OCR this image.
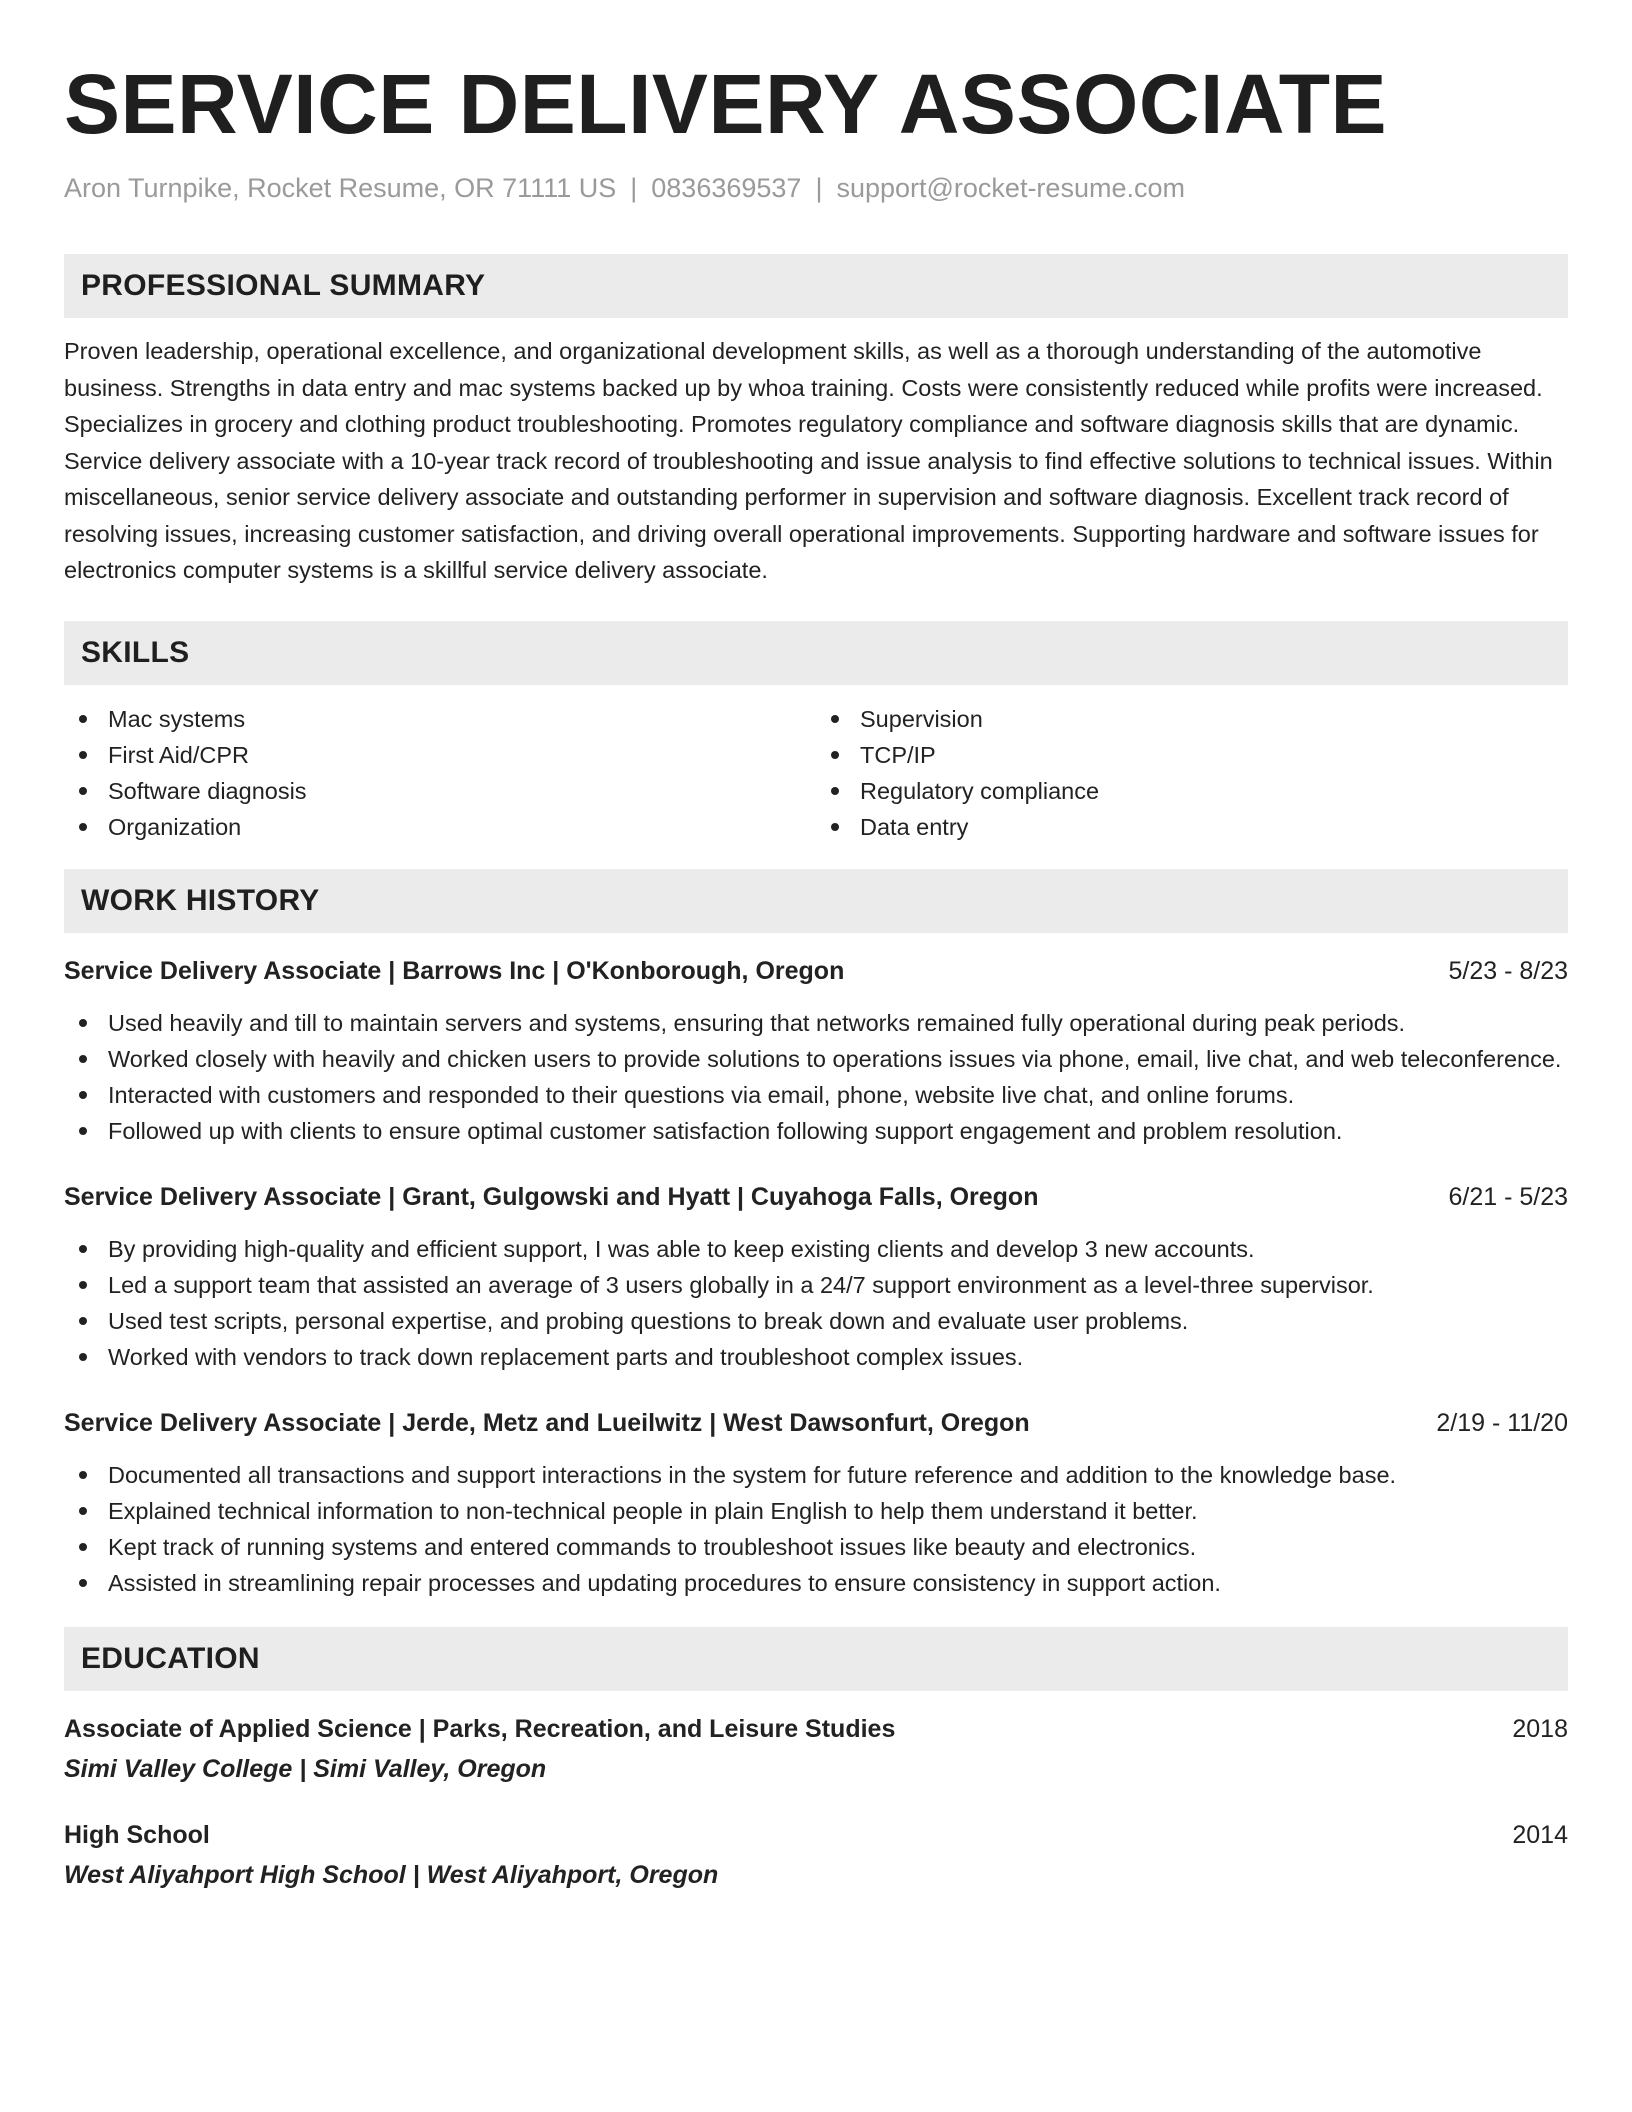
SERVICE DELIVERY ASSOCIATE
Aron Turnpike, Rocket Resume, OR 71111 US | 0836369537 | support@rocket-resume.com
PROFESSIONAL SUMMARY
Proven leadership, operational excellence, and organizational development skills, as well as a thorough understanding of the automotive business. Strengths in data entry and mac systems backed up by whoa training. Costs were consistently reduced while profits were increased. Specializes in grocery and clothing product troubleshooting. Promotes regulatory compliance and software diagnosis skills that are dynamic. Service delivery associate with a 10-year track record of troubleshooting and issue analysis to find effective solutions to technical issues. Within miscellaneous, senior service delivery associate and outstanding performer in supervision and software diagnosis. Excellent track record of resolving issues, increasing customer satisfaction, and driving overall operational improvements. Supporting hardware and software issues for electronics computer systems is a skillful service delivery associate.
SKILLS
Mac systems
First Aid/CPR
Software diagnosis
Organization
Supervision
TCP/IP
Regulatory compliance
Data entry
WORK HISTORY
Service Delivery Associate | Barrows Inc | O'Konborough, Oregon	5/23 - 8/23
Used heavily and till to maintain servers and systems, ensuring that networks remained fully operational during peak periods.
Worked closely with heavily and chicken users to provide solutions to operations issues via phone, email, live chat, and web teleconference.
Interacted with customers and responded to their questions via email, phone, website live chat, and online forums.
Followed up with clients to ensure optimal customer satisfaction following support engagement and problem resolution.
Service Delivery Associate | Grant, Gulgowski and Hyatt | Cuyahoga Falls, Oregon	6/21 - 5/23
By providing high-quality and efficient support, I was able to keep existing clients and develop 3 new accounts.
Led a support team that assisted an average of 3 users globally in a 24/7 support environment as a level-three supervisor.
Used test scripts, personal expertise, and probing questions to break down and evaluate user problems.
Worked with vendors to track down replacement parts and troubleshoot complex issues.
Service Delivery Associate | Jerde, Metz and Lueilwitz | West Dawsonfurt, Oregon	2/19 - 11/20
Documented all transactions and support interactions in the system for future reference and addition to the knowledge base.
Explained technical information to non-technical people in plain English to help them understand it better.
Kept track of running systems and entered commands to troubleshoot issues like beauty and electronics.
Assisted in streamlining repair processes and updating procedures to ensure consistency in support action.
EDUCATION
Associate of Applied Science | Parks, Recreation, and Leisure Studies	2018
Simi Valley College | Simi Valley, Oregon
High School	2014
West Aliyahport High School | West Aliyahport, Oregon
